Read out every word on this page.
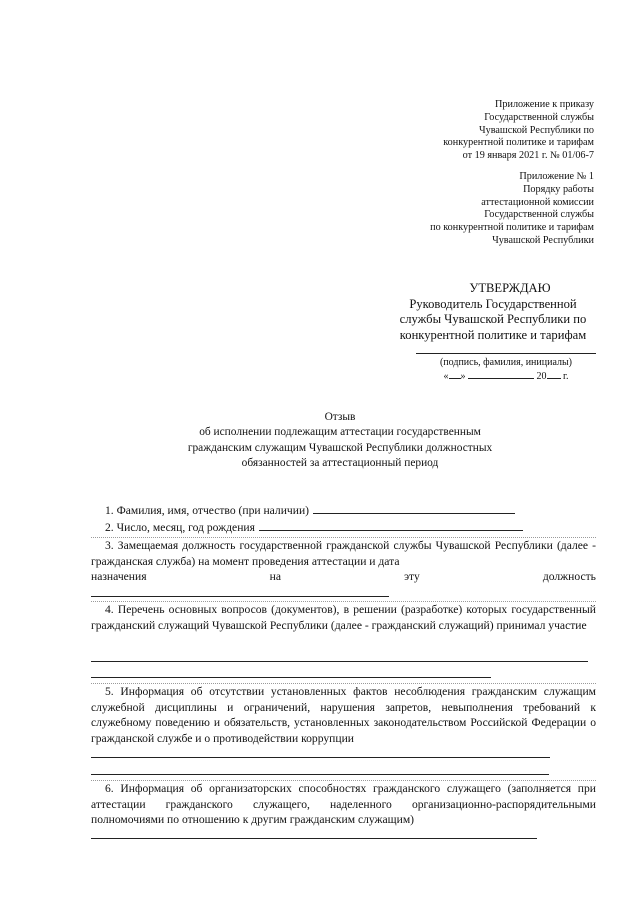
Приложение к приказу
Государственной службы
Чувашской Республики по
конкурентной политике и тарифам
от 19 января 2021 г. № 01/06-7
Приложение № 1
Порядку работы
аттестационной комиссии
Государственной службы
по конкурентной политике и тарифам
Чувашской Республики
УТВЕРЖДАЮ
Руководитель Государственной
службы Чувашской Республики по
конкурентной политике и тарифам
(подпись, фамилия, инициалы)
« »	20 г.
Отзыв
об исполнении подлежащим аттестации государственным
гражданским служащим Чувашской Республики должностных
обязанностей за аттестационный период
1. Фамилия, имя, отчество (при наличии)
2. Число, месяц, год рождения
3. Замещаемая должность государственной гражданской службы Чувашской Республики (далее - гражданская служба) на момент проведения аттестации и дата
назначения	на	эту	должность
4. Перечень основных вопросов (документов), в решении (разработке) которых государственный гражданский служащий Чувашской Республики (далее - гражданский служащий) принимал участие
5. Информация об отсутствии установленных фактов несоблюдения гражданским служащим служебной дисциплины и ограничений, нарушения запретов, невыполнения требований к служебному поведению и обязательств, установленных законодательством Российской Федерации о гражданской службе и о противодействии коррупции
6. Информация об организаторских способностях гражданского служащего (заполняется при аттестации гражданского служащего, наделенного организационно-распорядительными полномочиями по отношению к другим гражданским служащим)
